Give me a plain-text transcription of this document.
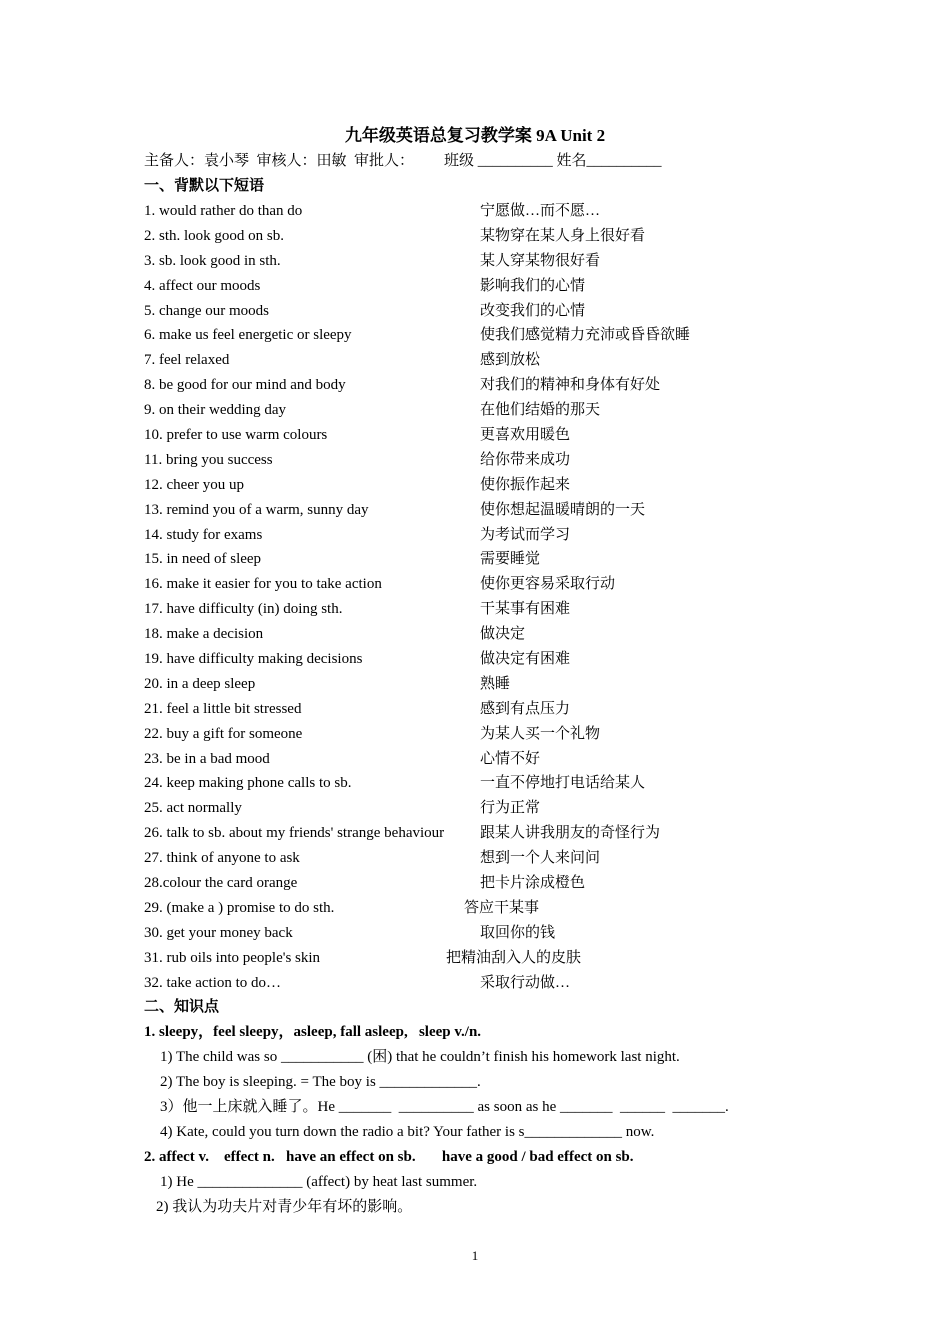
九年级英语总复习教学案 9A Unit 2
主备人：袁小琴  审核人：田敏  审批人：        班级 __________ 姓名__________
一、背默以下短语
1. would rather do than do	宁愿做…而不愿…
2. sth. look good on sb.	某物穿在某人身上很好看
3. sb. look good in sth.	某人穿某物很好看
4. affect our moods	影响我们的心情
5. change our moods	改变我们的心情
6. make us feel energetic or sleepy	使我们感觉精力充沛或昏昏欲睡
7. feel relaxed	感到放松
8. be good for our mind and body	对我们的精神和身体有好处
9. on their wedding day	在他们结婚的那天
10. prefer to use warm colours	更喜欢用暖色
11. bring you success	给你带来成功
12. cheer you up	使你振作起来
13. remind you of a warm, sunny day	使你想起温暖晴朗的一天
14. study for exams	为考试而学习
15. in need of sleep	需要睡觉
16. make it easier for you to take action	使你更容易采取行动
17. have difficulty (in) doing sth.	干某事有困难
18. make a decision	做决定
19. have difficulty making decisions	做决定有困难
20. in a deep sleep	熟睡
21. feel a little bit stressed	感到有点压力
22. buy a gift for someone	为某人买一个礼物
23. be in a bad mood	心情不好
24. keep making phone calls to sb.	一直不停地打电话给某人
25. act normally	行为正常
26. talk to sb. about my friends' strange behaviour 跟某人讲我朋友的奇怪行为
27. think of anyone to ask	想到一个人来问问
28.colour the card orange	把卡片涂成橙色
29. (make a ) promise to do sth.	答应干某事
30. get your money back	取回你的钱
31. rub oils into people's skin	把精油刮入人的皮肤
32. take action to do…	采取行动做…
二、知识点
1. sleepy，feel sleepy，asleep, fall asleep,   sleep v./n.
1) The child was so ___________ (困) that he couldn’t finish his homework last night.
2) The boy is sleeping. = The boy is _____________.
3）他一上床就入睡了。He _______  __________ as soon as he _______  ______  _______.
4) Kate, could you turn down the radio a bit? Your father is s_____________ now.
2. affect v.    effect n.   have an effect on sb.       have a good / bad effect on sb.
1) He ______________ (affect) by heat last summer.
2) 我认为功夫片对青少年有坏的影响。
1
